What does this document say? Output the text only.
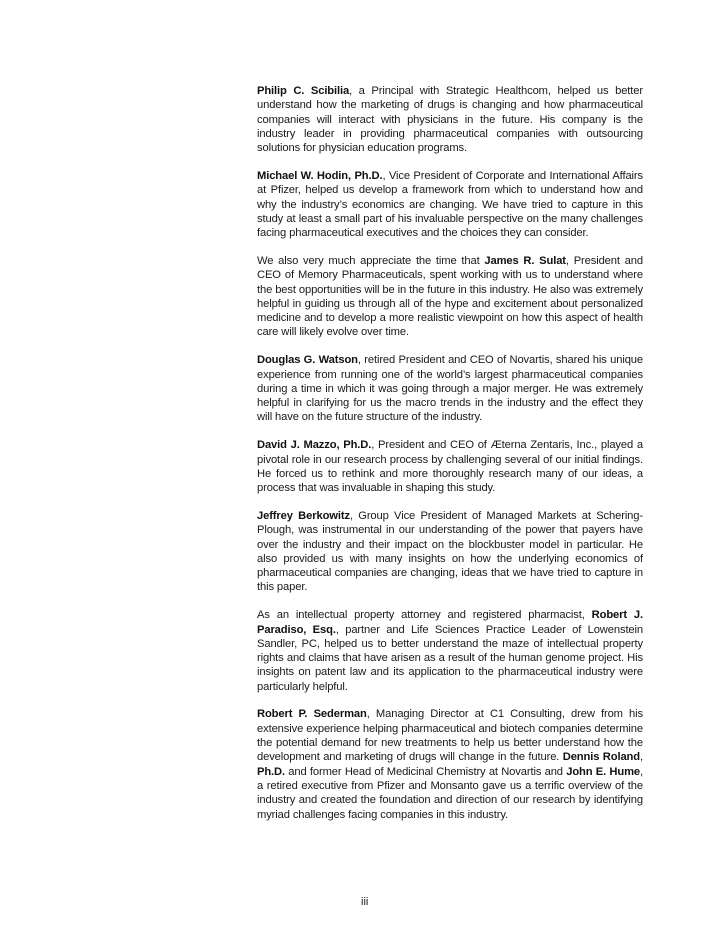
Philip C. Scibilia, a Principal with Strategic Healthcom, helped us better understand how the marketing of drugs is changing and how pharmaceutical companies will interact with physicians in the future. His company is the industry leader in providing pharmaceutical companies with outsourcing solutions for physician education programs.

Michael W. Hodin, Ph.D., Vice President of Corporate and International Affairs at Pfizer, helped us develop a framework from which to understand how and why the industry’s economics are changing. We have tried to capture in this study at least a small part of his invaluable perspective on the many challenges facing pharmaceutical executives and the choices they can consider.

We also very much appreciate the time that James R. Sulat, President and CEO of Memory Pharmaceuticals, spent working with us to understand where the best opportunities will be in the future in this industry. He also was extremely helpful in guiding us through all of the hype and excitement about personalized medicine and to develop a more realistic viewpoint on how this aspect of health care will likely evolve over time.

Douglas G. Watson, retired President and CEO of Novartis, shared his unique experience from running one of the world’s largest pharmaceutical companies during a time in which it was going through a major merger. He was extremely helpful in clarifying for us the macro trends in the industry and the effect they will have on the future structure of the industry.

David J. Mazzo, Ph.D., President and CEO of Æterna Zentaris, Inc., played a pivotal role in our research process by challenging several of our initial findings. He forced us to rethink and more thoroughly research many of our ideas, a process that was invaluable in shaping this study.

Jeffrey Berkowitz, Group Vice President of Managed Markets at Schering-Plough, was instrumental in our understanding of the power that payers have over the industry and their impact on the blockbuster model in particular. He also provided us with many insights on how the underlying economics of pharmaceutical companies are changing, ideas that we have tried to capture in this paper.

As an intellectual property attorney and registered pharmacist, Robert J. Paradiso, Esq., partner and Life Sciences Practice Leader of Lowenstein Sandler, PC, helped us to better understand the maze of intellectual property rights and claims that have arisen as a result of the human genome project. His insights on patent law and its application to the pharmaceutical industry were particularly helpful.

Robert P. Sederman, Managing Director at C1 Consulting, drew from his extensive experience helping pharmaceutical and biotech companies determine the potential demand for new treatments to help us better understand how the development and marketing of drugs will change in the future. Dennis Roland, Ph.D. and former Head of Medicinal Chemistry at Novartis and John E. Hume, a retired executive from Pfizer and Monsanto gave us a terrific overview of the industry and created the foundation and direction of our research by identifying myriad challenges facing companies in this industry.

iii
